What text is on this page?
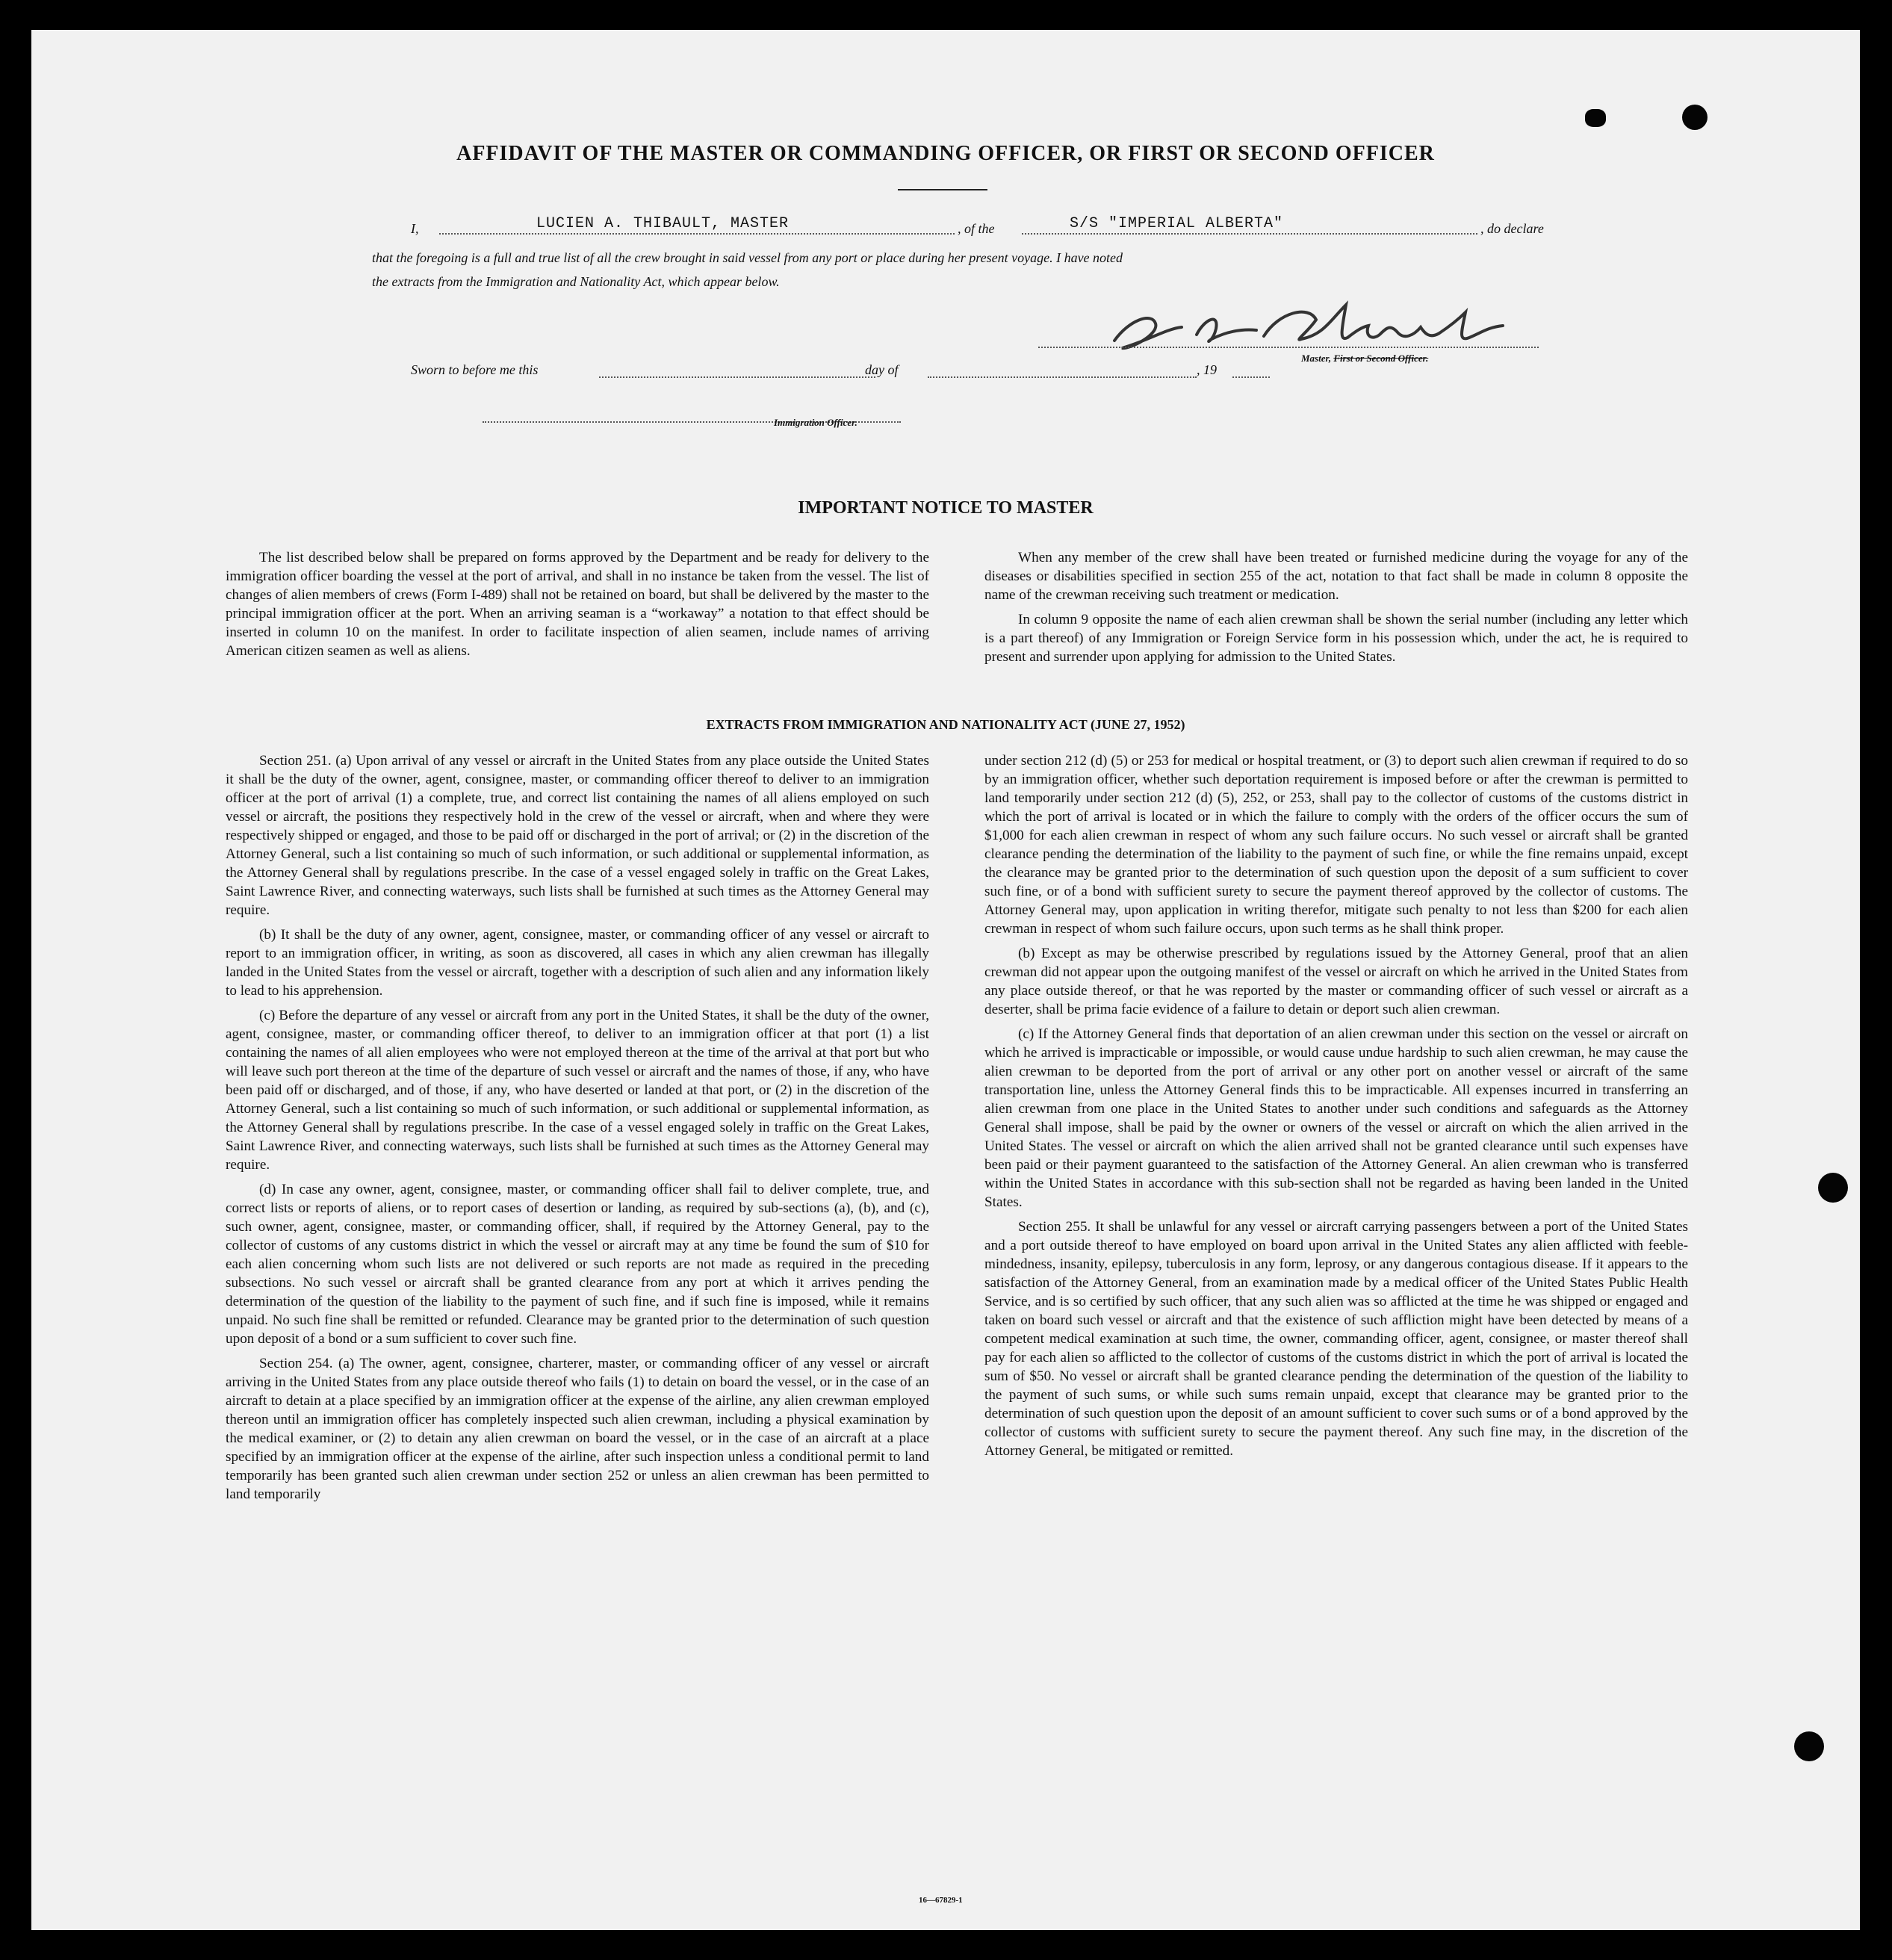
AFFIDAVIT OF THE MASTER OR COMMANDING OFFICER, OR FIRST OR SECOND OFFICER
I,	LUCIEN A. THIBAULT, MASTER	, of the	S/S "IMPERIAL ALBERTA"	, do declare
that the foregoing is a full and true list of all the crew brought in said vessel from any port or place during her present voyage. I have noted
the extracts from the Immigration and Nationality Act, which appear below.
Master, First or Second Officer.
Sworn to before me this	day of	, 19
Immigration Officer.
IMPORTANT NOTICE TO MASTER

The list described below shall be prepared on forms approved by the Department and be ready for delivery to the immigration officer boarding the vessel at the port of arrival, and shall in no instance be taken from the vessel. The list of changes of alien members of crews (Form I-489) shall not be retained on board, but shall be delivered by the master to the principal immigration officer at the port. When an arriving seaman is a “workaway” a notation to that effect should be inserted in column 10 on the manifest. In order to facilitate inspection of alien seamen, include names of arriving American citizen seamen as well as aliens.

When any member of the crew shall have been treated or furnished medicine during the voyage for any of the diseases or disabilities specified in section 255 of the act, notation to that fact shall be made in column 8 opposite the name of the crewman receiving such treatment or medication.

In column 9 opposite the name of each alien crewman shall be shown the serial number (including any letter which is a part thereof) of any Immigration or Foreign Service form in his possession which, under the act, he is required to present and surrender upon applying for admission to the United States.

EXTRACTS FROM IMMIGRATION AND NATIONALITY ACT (JUNE 27, 1952)

Section 251. (a) Upon arrival of any vessel or aircraft in the United States from any place outside the United States it shall be the duty of the owner, agent, consignee, master, or commanding officer thereof to deliver to an immigration officer at the port of arrival (1) a complete, true, and correct list containing the names of all aliens employed on such vessel or aircraft, the positions they respectively hold in the crew of the vessel or aircraft, when and where they were respectively shipped or engaged, and those to be paid off or discharged in the port of arrival; or (2) in the discretion of the Attorney General, such a list containing so much of such information, or such additional or supplemental information, as the Attorney General shall by regulations prescribe. In the case of a vessel engaged solely in traffic on the Great Lakes, Saint Lawrence River, and connecting waterways, such lists shall be furnished at such times as the Attorney General may require.

(b) It shall be the duty of any owner, agent, consignee, master, or commanding officer of any vessel or aircraft to report to an immigration officer, in writing, as soon as discovered, all cases in which any alien crewman has illegally landed in the United States from the vessel or aircraft, together with a description of such alien and any information likely to lead to his apprehension.

(c) Before the departure of any vessel or aircraft from any port in the United States, it shall be the duty of the owner, agent, consignee, master, or commanding officer thereof, to deliver to an immigration officer at that port (1) a list containing the names of all alien employees who were not employed thereon at the time of the arrival at that port but who will leave such port thereon at the time of the departure of such vessel or aircraft and the names of those, if any, who have been paid off or discharged, and of those, if any, who have deserted or landed at that port, or (2) in the discretion of the Attorney General, such a list containing so much of such information, or such additional or supplemental information, as the Attorney General shall by regulations prescribe. In the case of a vessel engaged solely in traffic on the Great Lakes, Saint Lawrence River, and connecting waterways, such lists shall be furnished at such times as the Attorney General may require.

(d) In case any owner, agent, consignee, master, or commanding officer shall fail to deliver complete, true, and correct lists or reports of aliens, or to report cases of desertion or landing, as required by sub-sections (a), (b), and (c), such owner, agent, consignee, master, or commanding officer, shall, if required by the Attorney General, pay to the collector of customs of any customs district in which the vessel or aircraft may at any time be found the sum of $10 for each alien concerning whom such lists are not delivered or such reports are not made as required in the preceding subsections. No such vessel or aircraft shall be granted clearance from any port at which it arrives pending the determination of the question of the liability to the payment of such fine, and if such fine is imposed, while it remains unpaid. No such fine shall be remitted or refunded. Clearance may be granted prior to the determination of such question upon deposit of a bond or a sum sufficient to cover such fine.

Section 254. (a) The owner, agent, consignee, charterer, master, or commanding officer of any vessel or aircraft arriving in the United States from any place outside thereof who fails (1) to detain on board the vessel, or in the case of an aircraft to detain at a place specified by an immigration officer at the expense of the airline, any alien crewman employed thereon until an immigration officer has completely inspected such alien crewman, including a physical examination by the medical examiner, or (2) to detain any alien crewman on board the vessel, or in the case of an aircraft at a place specified by an immigration officer at the expense of the airline, after such inspection unless a conditional permit to land temporarily has been granted such alien crewman under section 252 or unless an alien crewman has been permitted to land temporarily

under section 212 (d) (5) or 253 for medical or hospital treatment, or (3) to deport such alien crewman if required to do so by an immigration officer, whether such deportation requirement is imposed before or after the crewman is permitted to land temporarily under section 212 (d) (5), 252, or 253, shall pay to the collector of customs of the customs district in which the port of arrival is located or in which the failure to comply with the orders of the officer occurs the sum of $1,000 for each alien crewman in respect of whom any such failure occurs. No such vessel or aircraft shall be granted clearance pending the determination of the liability to the payment of such fine, or while the fine remains unpaid, except the clearance may be granted prior to the determination of such question upon the deposit of a sum sufficient to cover such fine, or of a bond with sufficient surety to secure the payment thereof approved by the collector of customs. The Attorney General may, upon application in writing therefor, mitigate such penalty to not less than $200 for each alien crewman in respect of whom such failure occurs, upon such terms as he shall think proper.

(b) Except as may be otherwise prescribed by regulations issued by the Attorney General, proof that an alien crewman did not appear upon the outgoing manifest of the vessel or aircraft on which he arrived in the United States from any place outside thereof, or that he was reported by the master or commanding officer of such vessel or aircraft as a deserter, shall be prima facie evidence of a failure to detain or deport such alien crewman.

(c) If the Attorney General finds that deportation of an alien crewman under this section on the vessel or aircraft on which he arrived is impracticable or impossible, or would cause undue hardship to such alien crewman, he may cause the alien crewman to be deported from the port of arrival or any other port on another vessel or aircraft of the same transportation line, unless the Attorney General finds this to be impracticable. All expenses incurred in transferring an alien crewman from one place in the United States to another under such conditions and safeguards as the Attorney General shall impose, shall be paid by the owner or owners of the vessel or aircraft on which the alien arrived in the United States. The vessel or aircraft on which the alien arrived shall not be granted clearance until such expenses have been paid or their payment guaranteed to the satisfaction of the Attorney General. An alien crewman who is transferred within the United States in accordance with this sub-section shall not be regarded as having been landed in the United States.

Section 255. It shall be unlawful for any vessel or aircraft carrying passengers between a port of the United States and a port outside thereof to have employed on board upon arrival in the United States any alien afflicted with feeble-mindedness, insanity, epilepsy, tuberculosis in any form, leprosy, or any dangerous contagious disease. If it appears to the satisfaction of the Attorney General, from an examination made by a medical officer of the United States Public Health Service, and is so certified by such officer, that any such alien was so afflicted at the time he was shipped or engaged and taken on board such vessel or aircraft and that the existence of such affliction might have been detected by means of a competent medical examination at such time, the owner, commanding officer, agent, consignee, or master thereof shall pay for each alien so afflicted to the collector of customs of the customs district in which the port of arrival is located the sum of $50. No vessel or aircraft shall be granted clearance pending the determination of the question of the liability to the payment of such sums, or while such sums remain unpaid, except that clearance may be granted prior to the determination of such question upon the deposit of an amount sufficient to cover such sums or of a bond approved by the collector of customs with sufficient surety to secure the payment thereof. Any such fine may, in the discretion of the Attorney General, be mitigated or remitted.

16—67829-1
